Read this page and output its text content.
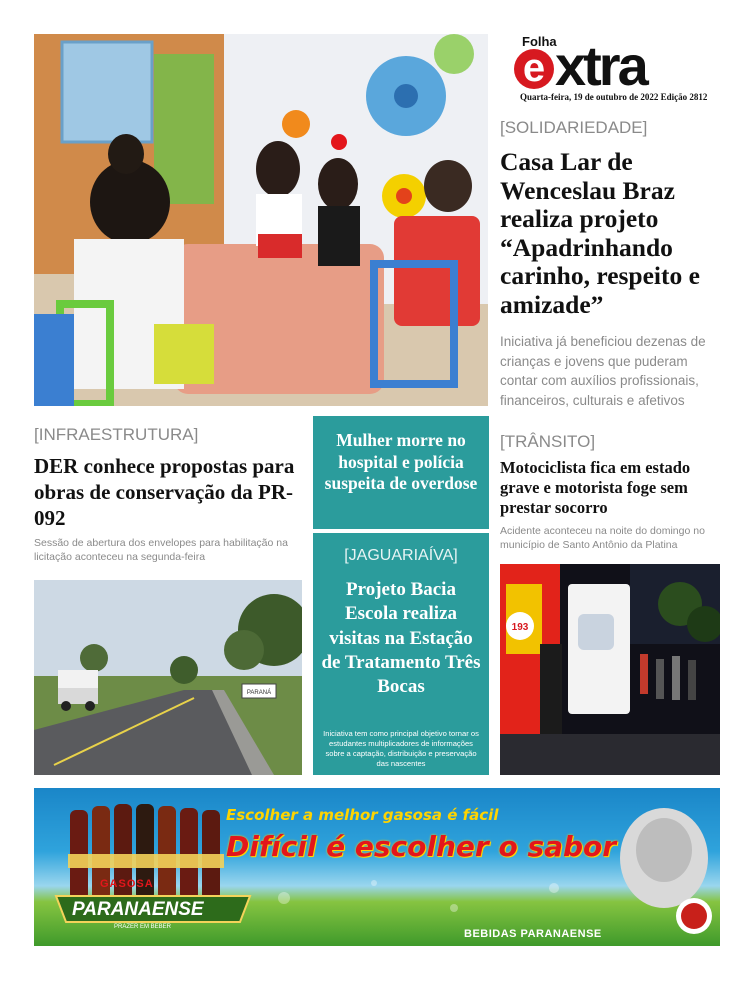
Folha
e xtra
Quarta-feira, 19 de outubro de 2022 Edição 2812
[SOLIDARIEDADE]
Casa Lar de Wenceslau Braz realiza projeto “Apadrinhando carinho, respeito e amizade”
Iniciativa já beneficiou dezenas de crianças e jovens que puderam contar com auxílios profissionais, financeiros, culturais e afetivos
[INFRAESTRUTURA]
DER conhece propostas para obras de conservação da PR-092
Sessão de abertura dos envelopes para habilitação na licitação aconteceu na segunda-feira
PARANÁ
Mulher morre no hospital e polícia suspeita de overdose
[JAGUARIAÍVA]
Projeto Bacia Escola realiza visitas na Estação de Tratamento Três Bocas
Iniciativa tem como principal objetivo tornar os estudantes multiplicadores de informações sobre a captação, distribuição e preservação das nascentes
[TRÂNSITO]
Motociclista fica em estado grave e motorista foge sem prestar socorro
Acidente aconteceu na noite do domingo no município de Santo Antônio da Platina
193
Escolher a melhor gasosa é fácil
Difícil é escolher o sabor
GASOSA
PARANAENSE
PRAZER EM BEBER
BEBIDAS PARANAENSE
